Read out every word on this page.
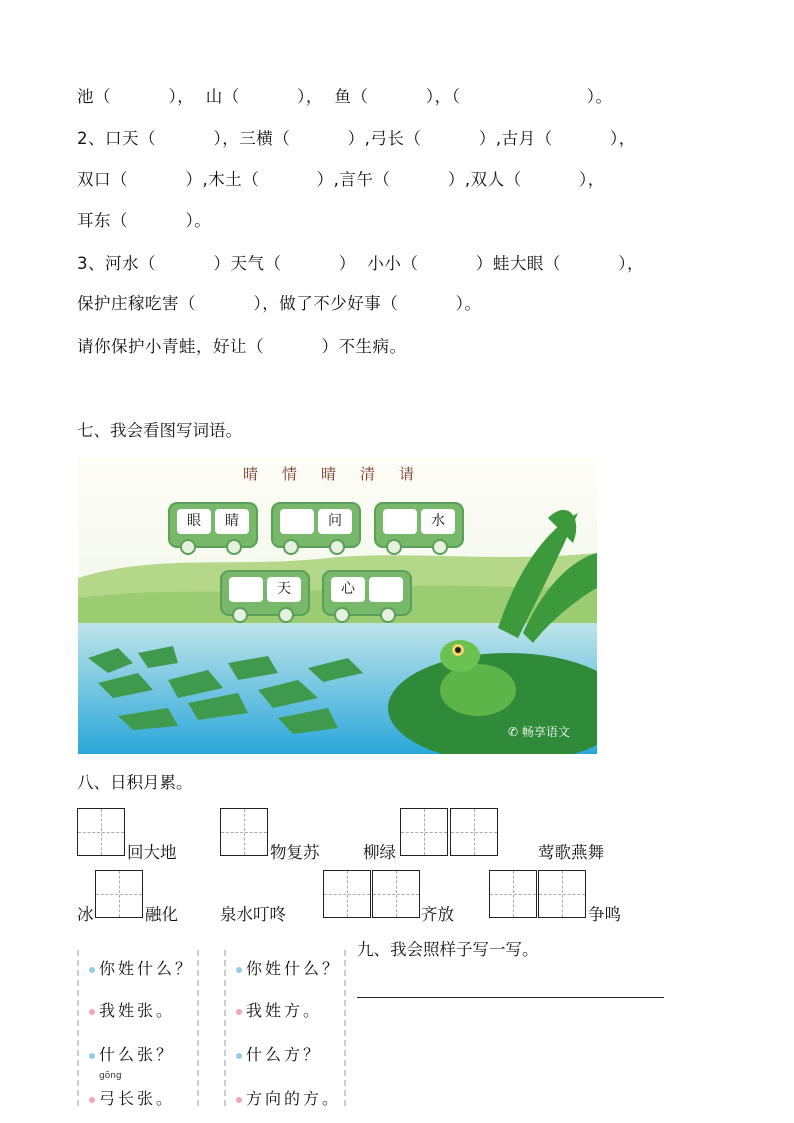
池（          ），  山（          ），  鱼（          ），（                      ）。
2、口天（          ），三横（          ）,弓长（          ）,古月（          ），
双口（          ）,木土（          ）,言午（          ）,双人（          ），
耳东（          ）。
3、河水（          ）天气（          ）  小小（          ）蛙大眼（          ），
保护庄稼吃害（          ），做了不少好事（          ）。
请你保护小青蛙，好让（          ）不生病。
七、我会看图写词语。
晴 情 晴 清 请
眼	睛	问	水
天	心
✆ 畅享语文
八、日积月累。
回大地	物复苏	柳绿	莺歌燕舞
冰	融化	泉水叮咚	齐放	争鸣
你姓什么？
我姓张。
什么张？
gōng
弓长张。
你姓什么？
我姓方。
什么方？
方向的方。
九、我会照样子写一写。
